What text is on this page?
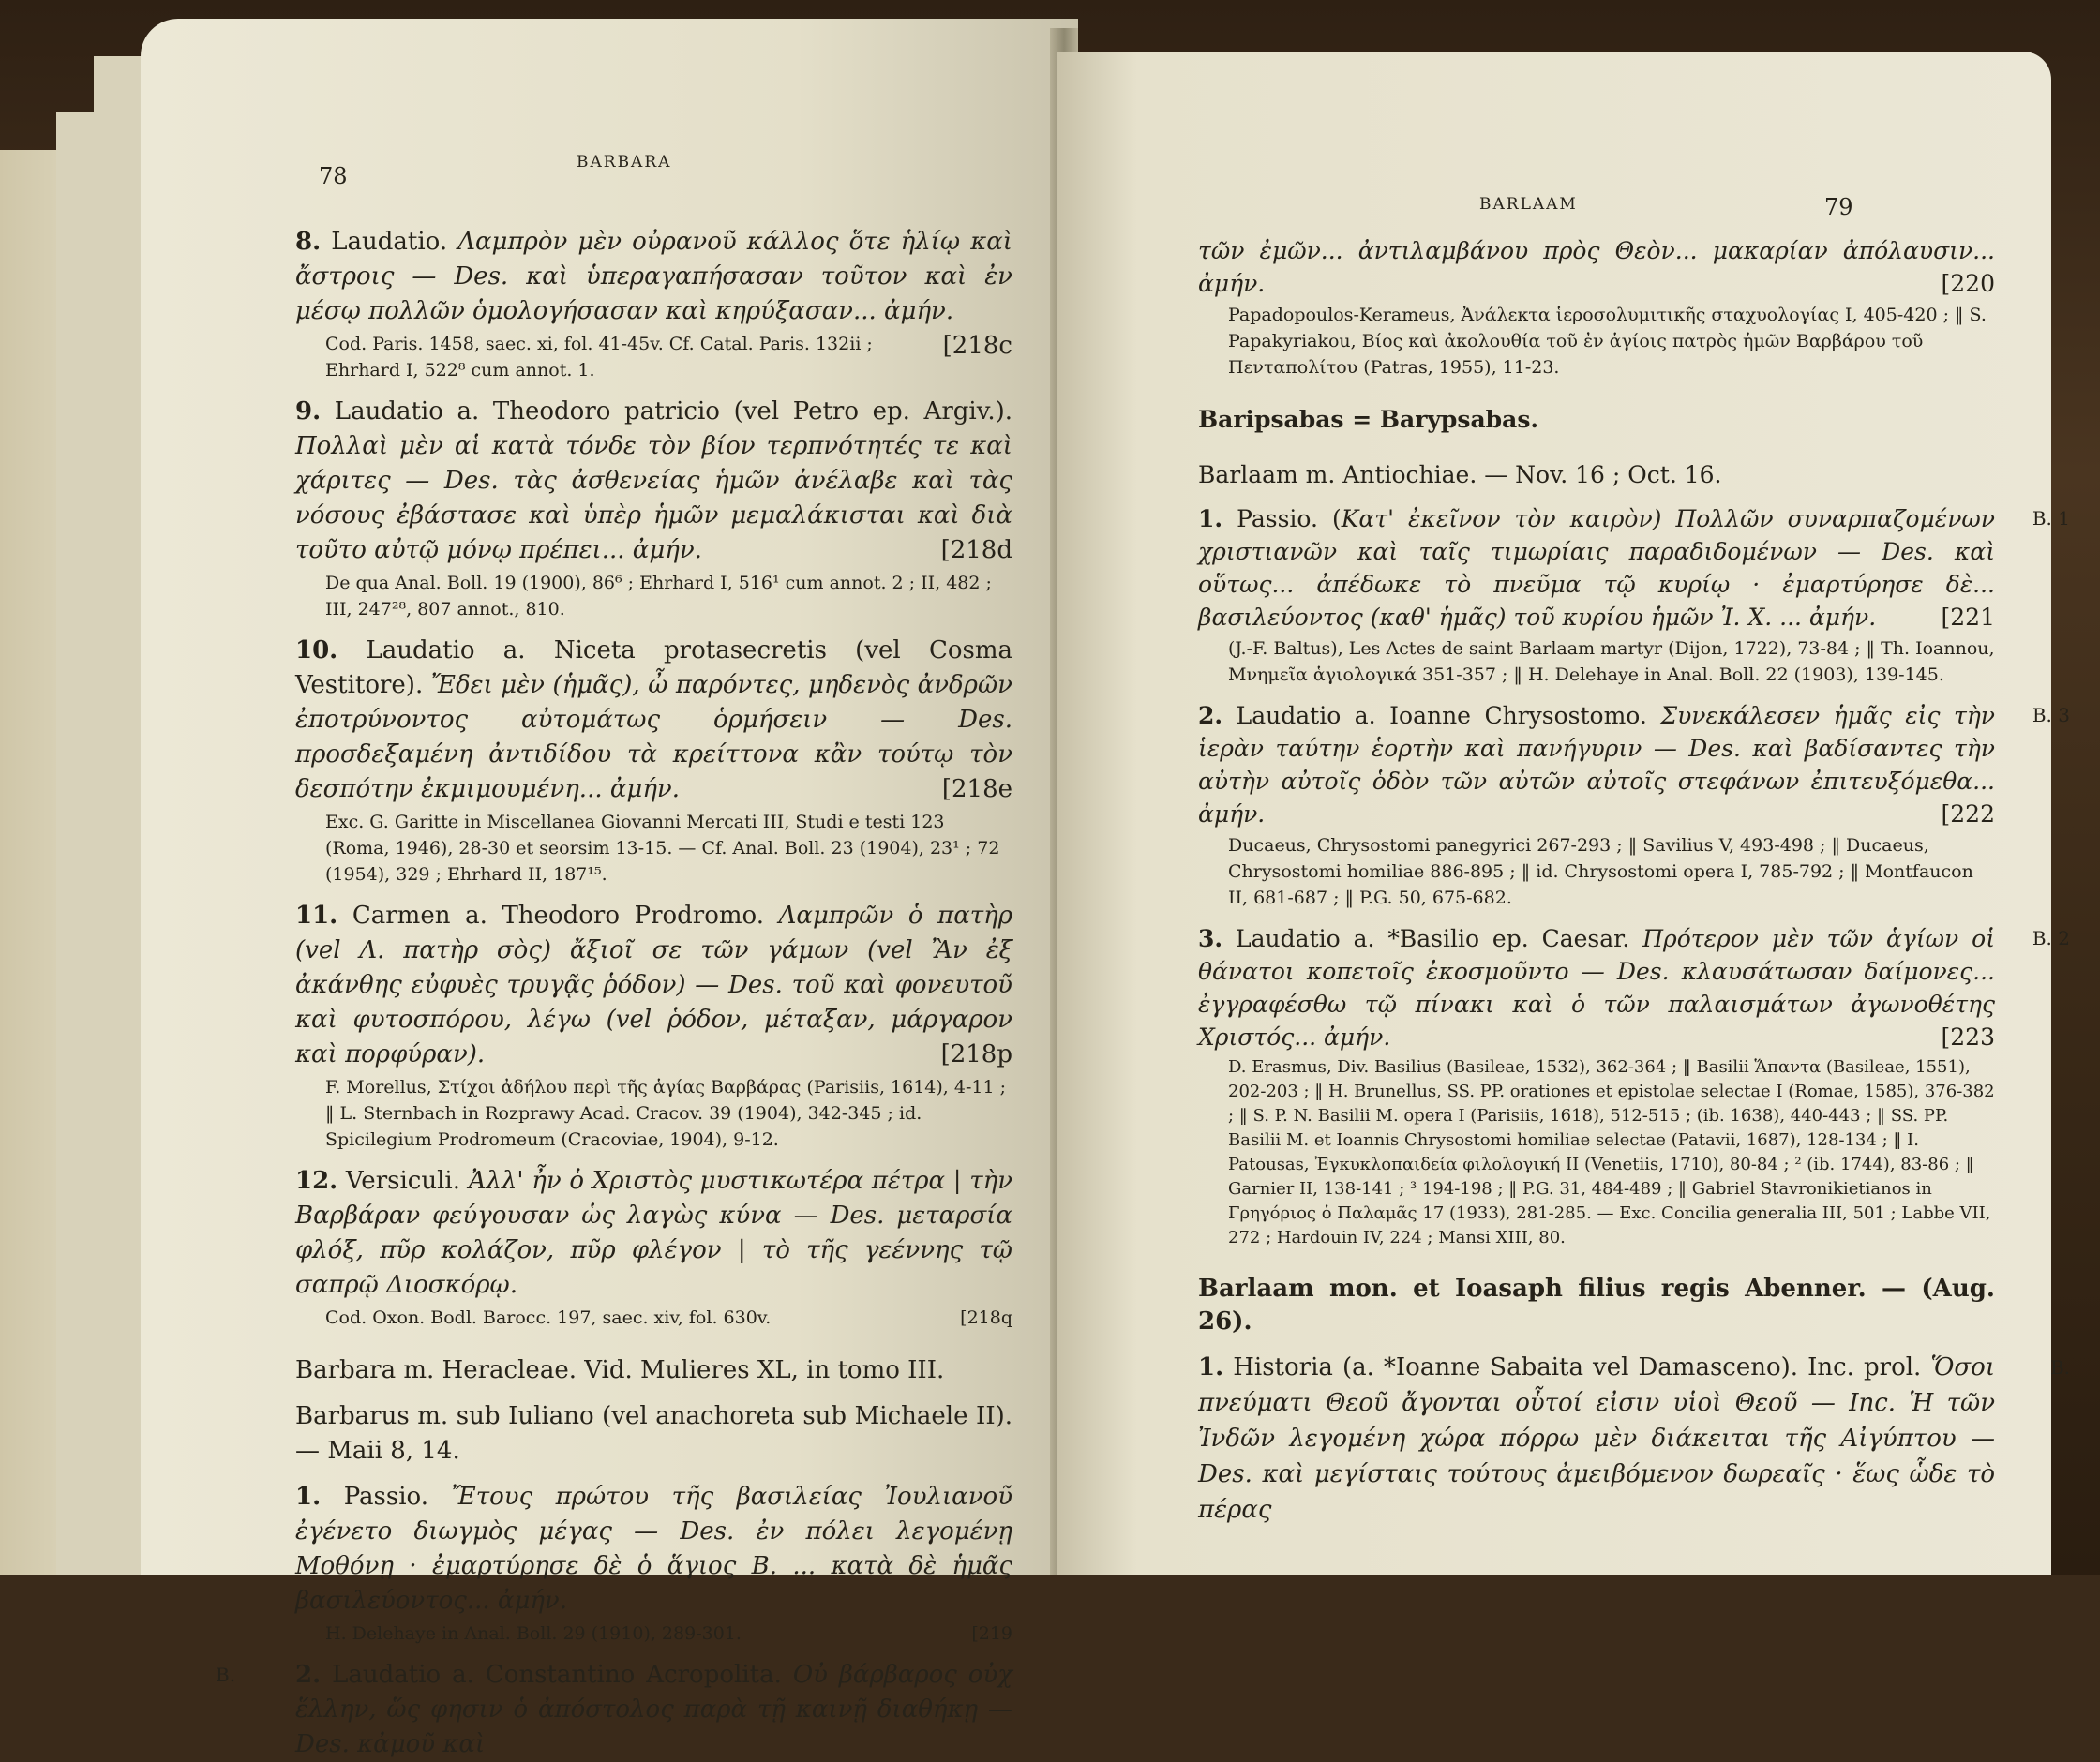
78
BARBARA

8. Laudatio. Λαμπρὸν μὲν οὐρανοῦ κάλλος ὅτε ἡλίῳ καὶ ἄστροις — Des. καὶ ὑπεραγαπήσασαν τοῦτον καὶ ἐν μέσῳ πολλῶν ὁμολογήσασαν καὶ κηρύξασαν... ἀμήν.
[218c

Cod. Paris. 1458, saec. xi, fol. 41-45v. Cf. Catal. Paris. 132ii ; Ehrhard I, 522⁸ cum annot. 1.

9. Laudatio a. Theodoro patricio (vel Petro ep. Argiv.). Πολλαὶ μὲν αἱ κατὰ τόνδε τὸν βίον τερπνότητές τε καὶ χάριτες — Des. τὰς ἀσθενείας ἡμῶν ἀνέλαβε καὶ τὰς νόσους ἐβάστασε καὶ ὑπὲρ ἡμῶν μεμαλάκισται καὶ διὰ τοῦτο αὐτῷ μόνῳ πρέπει... ἀμήν.	[218d

De qua Anal. Boll. 19 (1900), 86⁶ ; Ehrhard I, 516¹ cum annot. 2 ; II, 482 ; III, 247²⁸, 807 annot., 810.

10. Laudatio a. Niceta protasecretis (vel Cosma Vestitore). Ἔδει μὲν (ἡμᾶς), ὦ παρόντες, μηδενὸς ἀνδρῶν ἐποτρύνοντος αὐτομάτως ὁρμήσειν — Des. προσδεξαμένη ἀντιδίδου τὰ κρείττονα κἂν τούτῳ τὸν δεσπότην ἐκμιμουμένη... ἀμήν.	[218e

Exc. G. Garitte in Miscellanea Giovanni Mercati III, Studi e testi 123 (Roma, 1946), 28-30 et seorsim 13-15. — Cf. Anal. Boll. 23 (1904), 23¹ ; 72 (1954), 329 ; Ehrhard II, 187¹⁵.

11. Carmen a. Theodoro Prodromo. Λαμπρῶν ὁ πατὴρ (vel Λ. πατὴρ σὸς) ἄξιοῖ σε τῶν γάμων (vel Ἂν ἐξ ἀκάνθης εὐφυὲς τρυγᾷς ῥόδον) — Des. τοῦ καὶ φονευτοῦ καὶ φυτοσπόρου, λέγω (vel ῥόδον, μέταξαν, μάργαρον καὶ πορφύραν).	[218p

F. Morellus, Στίχοι ἀδήλου περὶ τῆς ἁγίας Βαρβάρας (Parisiis, 1614), 4-11 ; ‖ L. Sternbach in Rozprawy Acad. Cracov. 39 (1904), 342-345 ; id. Spicilegium Prodromeum (Cracoviae, 1904), 9-12.

12. Versiculi. Ἀλλ' ἦν ὁ Χριστὸς μυστικωτέρα πέτρα | τὴν Βαρβάραν φεύγουσαν ὡς λαγὼς κύνα — Des. μεταρσία φλόξ, πῦρ κολάζον, πῦρ φλέγον | τὸ τῆς γεέννης τῷ σαπρῷ Διοσκόρῳ.

Cod. Oxon. Bodl. Barocc. 197, saec. xiv, fol. 630v.	[218q

Barbara m. Heracleae. Vid. Mulieres XL, in tomo III.

Barbarus m. sub Iuliano (vel anachoreta sub Michaele II). — Maii 8, 14.

1. Passio. Ἔτους πρώτου τῆς βασιλείας Ἰουλιανοῦ ἐγένετο διωγμὸς μέγας — Des. ἐν πόλει λεγομένῃ Μοθόνῃ · ἐμαρτύρησε δὲ ὁ ἅγιος Β. ... κατὰ δὲ ἡμᾶς βασιλεύοντος... ἀμήν.

H. Delehaye in Anal. Boll. 29 (1910), 289-301.	[219

B. 2. Laudatio a. Constantino Acropolita. Οὐ βάρβαρος οὐχ ἕλλην, ὥς φησιν ὁ ἀπόστολος παρὰ τῇ καινῇ διαθήκῃ — Des. κἀμοῦ καὶ

BARLAAM	79

τῶν ἐμῶν... ἀντιλαμβάνου πρὸς Θεὸν... μακαρίαν ἀπόλαυσιν... ἀμήν.	[220

Papadopoulos-Kerameus, Ἀνάλεκτα ἱεροσολυμιτικῆς σταχυολογίας I, 405-420 ; ‖ S. Papakyriakou, Βίος καὶ ἀκολουθία τοῦ ἐν ἁγίοις πατρὸς ἡμῶν Βαρβάρου τοῦ Πενταπολίτου (Patras, 1955), 11-23.

Baripsabas = Barypsabas.

Barlaam m. Antiochiae. — Nov. 16 ; Oct. 16.

B. 1
1. Passio. (Κατ' ἐκεῖνον τὸν καιρὸν) Πολλῶν συναρπαζομένων χριστιανῶν καὶ ταῖς τιμωρίαις παραδιδομένων — Des. καὶ οὕτως... ἀπέδωκε τὸ πνεῦμα τῷ κυρίῳ · ἐμαρτύρησε δὲ... βασιλεύοντος (καθ' ἡμᾶς) τοῦ κυρίου ἡμῶν Ἰ. Χ. ... ἀμήν.	[221

(J.-F. Baltus), Les Actes de saint Barlaam martyr (Dijon, 1722), 73-84 ; ‖ Th. Ioannou, Μνημεῖα ἁγιολογικά 351-357 ; ‖ H. Delehaye in Anal. Boll. 22 (1903), 139-145.

B. 3
2. Laudatio a. Ioanne Chrysostomo. Συνεκάλεσεν ἡμᾶς εἰς τὴν ἱερὰν ταύτην ἑορτὴν καὶ πανήγυριν — Des. καὶ βαδίσαντες τὴν αὐτὴν αὐτοῖς ὁδὸν τῶν αὐτῶν αὐτοῖς στεφάνων ἐπιτευξόμεθα... ἀμήν.	[222

Ducaeus, Chrysostomi panegyrici 267-293 ; ‖ Savilius V, 493-498 ; ‖ Ducaeus, Chrysostomi homiliae 886-895 ; ‖ id. Chrysostomi opera I, 785-792 ; ‖ Montfaucon II, 681-687 ; ‖ P.G. 50, 675-682.

B. 2
3. Laudatio a. *Basilio ep. Caesar. Πρότερον μὲν τῶν ἁγίων οἱ θάνατοι κοπετοῖς ἐκοσμοῦντο — Des. κλαυσάτωσαν δαίμονες... ἐγγραφέσθω τῷ πίνακι καὶ ὁ τῶν παλαισμάτων ἀγωνοθέτης Χριστός... ἀμήν.	[223

D. Erasmus, Div. Basilius (Basileae, 1532), 362-364 ; ‖ Basilii Ἅπαντα (Basileae, 1551), 202-203 ; ‖ H. Brunellus, SS. PP. orationes et epistolae selectae I (Romae, 1585), 376-382 ; ‖ S. P. N. Basilii M. opera I (Parisiis, 1618), 512-515 ; (ib. 1638), 440-443 ; ‖ SS. PP. Basilii M. et Ioannis Chrysostomi homiliae selectae (Patavii, 1687), 128-134 ; ‖ I. Patousas, Ἐγκυκλοπαιδεία φιλολογική II (Venetiis, 1710), 80-84 ; ² (ib. 1744), 83-86 ; ‖ Garnier II, 138-141 ; ³ 194-198 ; ‖ P.G. 31, 484-489 ; ‖ Gabriel Stavronikietianos in Γρηγόριος ὁ Παλαμᾶς 17 (1933), 281-285. — Exc. Concilia generalia III, 501 ; Labbe VII, 272 ; Hardouin IV, 224 ; Mansi XIII, 80.

Barlaam mon. et Ioasaph filius regis Abenner. — (Aug. 26).

B.
1. Historia (a. *Ioanne Sabaita vel Damasceno). Inc. prol. Ὅσοι πνεύματι Θεοῦ ἄγονται οὗτοί εἰσιν υἱοὶ Θεοῦ — Inc. Ἡ τῶν Ἰνδῶν λεγομένη χώρα πόρρω μὲν διάκειται τῆς Αἰγύπτου — Des. καὶ μεγίσταις τούτους ἀμειβόμενον δωρεαῖς · ἕως ὧδε τὸ πέρας
